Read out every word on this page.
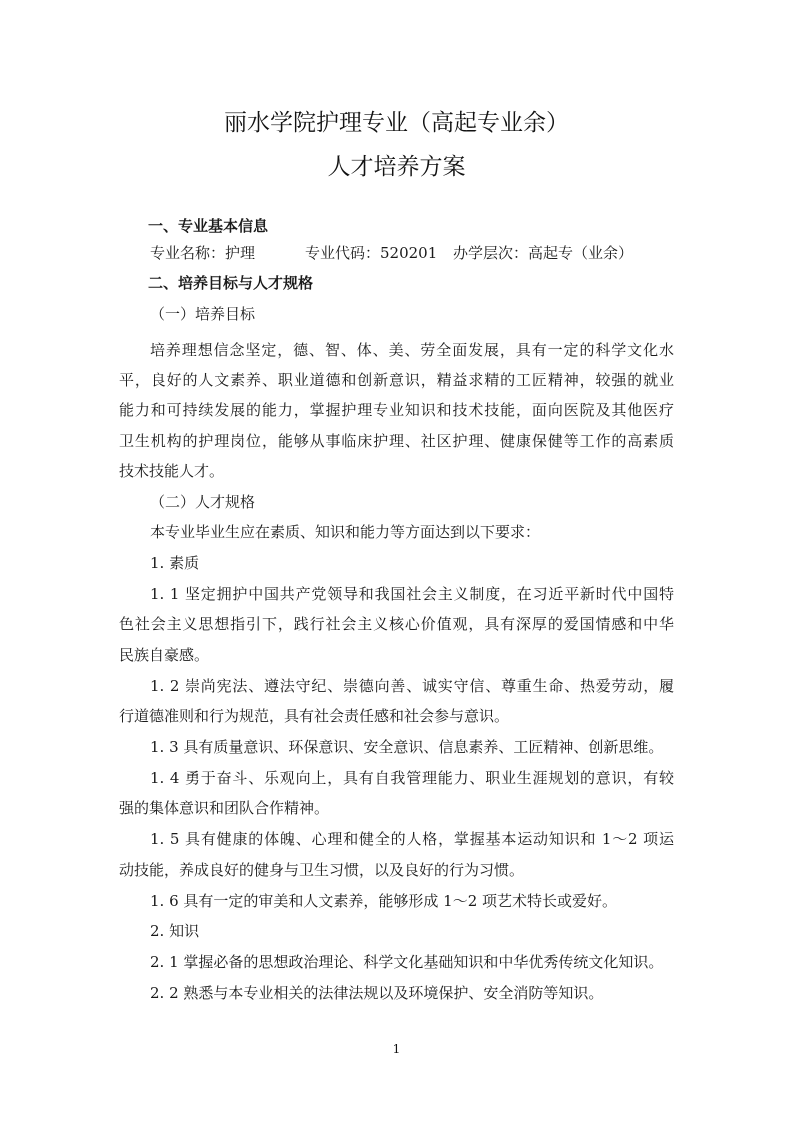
丽水学院护理专业（高起专业余）
人才培养方案
一、专业基本信息
专业名称：护理	专业代码：520201 办学层次：高起专（业余）
二、培养目标与人才规格
（一）培养目标
培养理想信念坚定，德、智、体、美、劳全面发展，具有一定的科学文化水
平，良好的人文素养、职业道德和创新意识，精益求精的工匠精神，较强的就业
能力和可持续发展的能力，掌握护理专业知识和技术技能，面向医院及其他医疗
卫生机构的护理岗位，能够从事临床护理、社区护理、健康保健等工作的高素质
技术技能人才。
（二）人才规格
本专业毕业生应在素质、知识和能力等方面达到以下要求：
1. 素质
1. 1 坚定拥护中国共产党领导和我国社会主义制度，在习近平新时代中国特
色社会主义思想指引下，践行社会主义核心价值观，具有深厚的爱国情感和中华
民族自豪感。
1. 2 崇尚宪法、遵法守纪、崇德向善、诚实守信、尊重生命、热爱劳动，履
行道德准则和行为规范，具有社会责任感和社会参与意识。
1. 3 具有质量意识、环保意识、安全意识、信息素养、工匠精神、创新思维。
1. 4 勇于奋斗、乐观向上，具有自我管理能力、职业生涯规划的意识，有较
强的集体意识和团队合作精神。
1. 5 具有健康的体魄、心理和健全的人格，掌握基本运动知识和 1～2 项运
动技能，养成良好的健身与卫生习惯，以及良好的行为习惯。
1. 6 具有一定的审美和人文素养，能够形成 1～2 项艺术特长或爱好。
2. 知识
2. 1 掌握必备的思想政治理论、科学文化基础知识和中华优秀传统文化知识。
2. 2 熟悉与本专业相关的法律法规以及环境保护、安全消防等知识。
1
